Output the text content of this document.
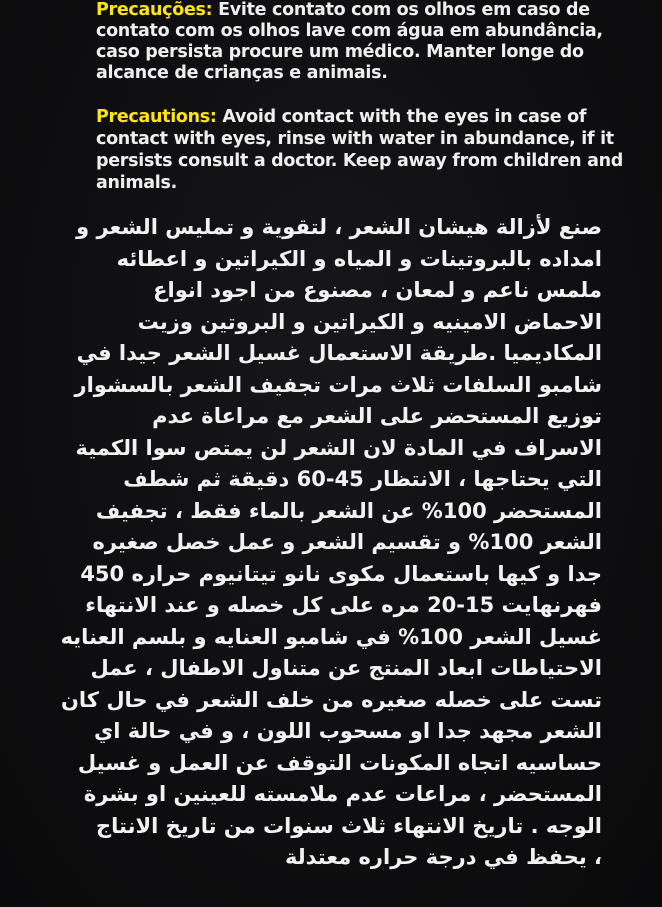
Precauções: Evite contato com os olhos em caso de contato com os olhos lave com água em abundância, caso persista procure um médico. Manter longe do alcance de crianças e animais.

Precautions: Avoid contact with the eyes in case of contact with eyes, rinse with water in abundance, if it persists consult a doctor. Keep away from children and animals.

صنع لأزالة هيشان الشعر ، لتقوية و تمليس الشعر و
امداده بالبروتينات و المياه و الكيراتين و اعطائه
ملمس ناعم و لمعان ، مصنوع من اجود انواع
الاحماض الامينيه و الكيراتين و البروتين وزيت
المكاديميا .طريقة الاستعمال غسيل الشعر جيدا في
شامبو السلفات ثلاث مرات تجفيف الشعر بالسشوار
توزيع المستحضر على الشعر مع مراعاة عدم
الاسراف في المادة لان الشعر لن يمتص سوا الكمية
التي يحتاجها ، الانتظار 45-60 دقيقة ثم شطف
المستحضر 100% عن الشعر بالماء فقط ، تجفيف
الشعر 100% و تقسيم الشعر و عمل خصل صغيره
جدا و كيها باستعمال مكوى نانو تيتانيوم حراره 450
فهرنهايت 15-20 مره على كل خصله و عند الانتهاء
غسيل الشعر 100% في شامبو العنايه و بلسم العنايه
الاحتياطات ابعاد المنتج عن متناول الاطفال ، عمل
تست على خصله صغيره من خلف الشعر في حال كان
الشعر مجهد جدا او مسحوب اللون ، و في حالة اي
حساسيه اتجاه المكونات التوقف عن العمل و غسيل
المستحضر ، مراعات عدم ملامسته للعينين او بشرة
الوجه . تاريخ الانتهاء ثلاث سنوات من تاريخ الانتاج
، يحفظ في درجة حراره معتدلة
